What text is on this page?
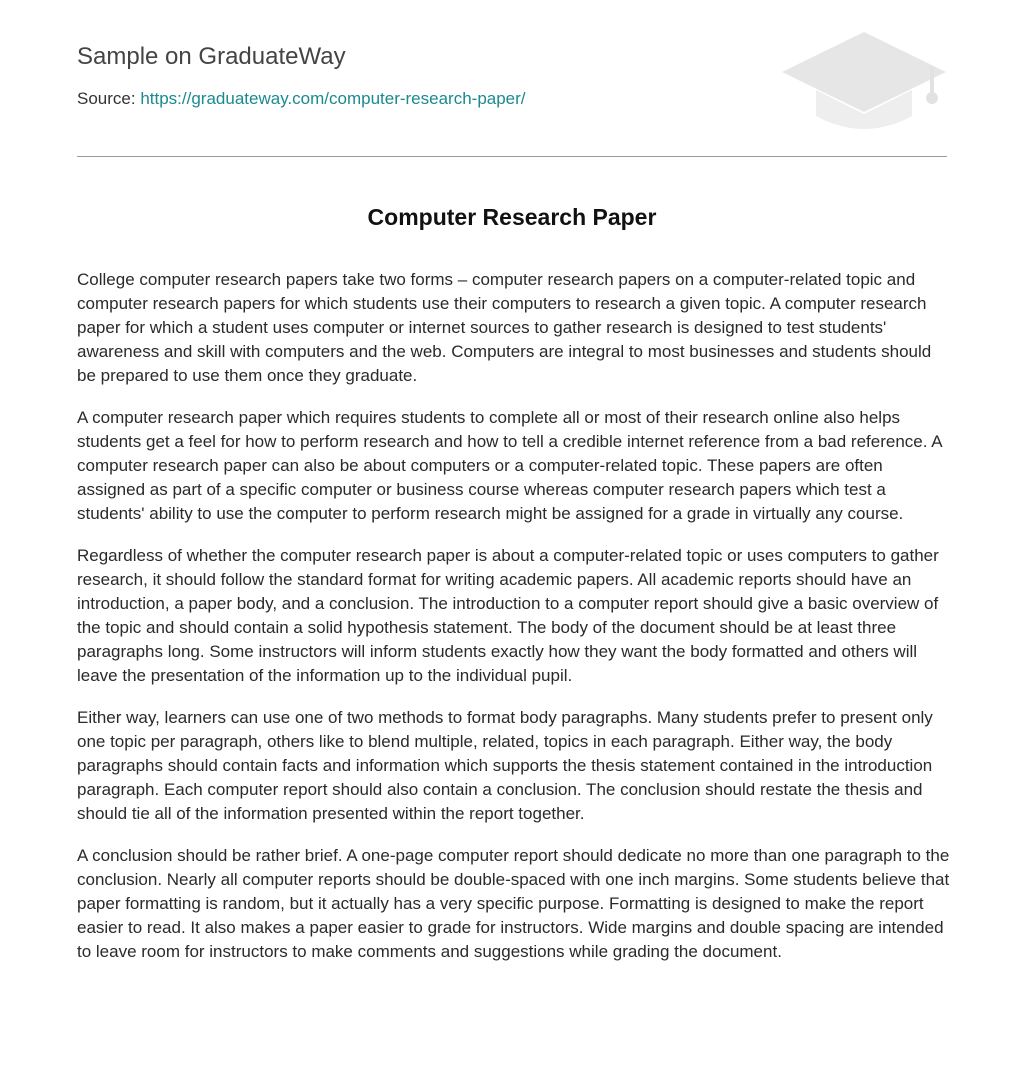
Sample on GraduateWay
Source: https://graduateway.com/computer-research-paper/
Computer Research Paper

College computer research papers take two forms – computer research papers on a computer-related topic and computer research papers for which students use their computers to research a given topic. A computer research paper for which a student uses computer or internet sources to gather research is designed to test students' awareness and skill with computers and the web. Computers are integral to most businesses and students should be prepared to use them once they graduate.

A computer research paper which requires students to complete all or most of their research online also helps students get a feel for how to perform research and how to tell a credible internet reference from a bad reference. A computer research paper can also be about computers or a computer-related topic. These papers are often assigned as part of a specific computer or business course whereas computer research papers which test a students' ability to use the computer to perform research might be assigned for a grade in virtually any course.

Regardless of whether the computer research paper is about a computer-related topic or uses computers to gather research, it should follow the standard format for writing academic papers. All academic reports should have an introduction, a paper body, and a conclusion. The introduction to a computer report should give a basic overview of the topic and should contain a solid hypothesis statement. The body of the document should be at least three paragraphs long. Some instructors will inform students exactly how they want the body formatted and others will leave the presentation of the information up to the individual pupil.

Either way, learners can use one of two methods to format body paragraphs. Many students prefer to present only one topic per paragraph, others like to blend multiple, related, topics in each paragraph. Either way, the body paragraphs should contain facts and information which supports the thesis statement contained in the introduction paragraph. Each computer report should also contain a conclusion. The conclusion should restate the thesis and should tie all of the information presented within the report together.

A conclusion should be rather brief. A one-page computer report should dedicate no more than one paragraph to the conclusion. Nearly all computer reports should be double-spaced with one inch margins. Some students believe that paper formatting is random, but it actually has a very specific purpose. Formatting is designed to make the report easier to read. It also makes a paper easier to grade for instructors. Wide margins and double spacing are intended to leave room for instructors to make comments and suggestions while grading the document.
